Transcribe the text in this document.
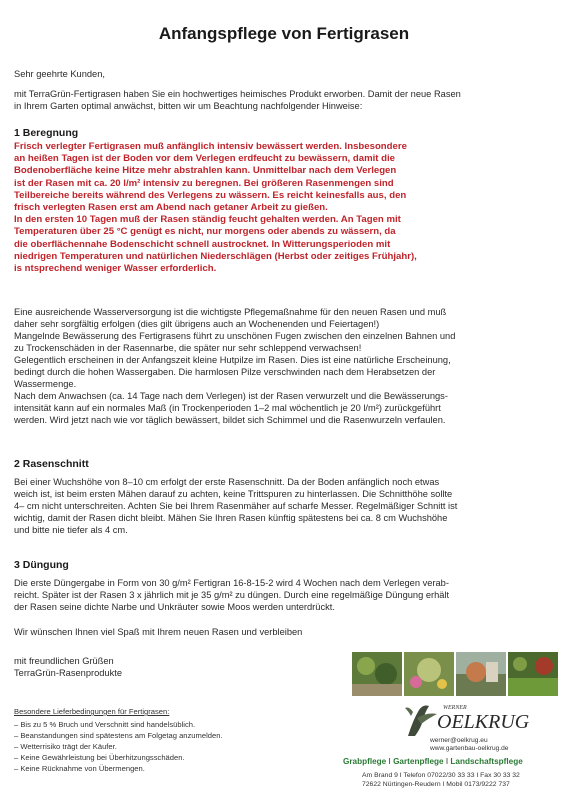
Anfangspflege von Fertigrasen

Sehr geehrte Kunden,

mit TerraGrün-Fertigrasen haben Sie ein hochwertiges heimisches Produkt erworben. Damit der neue Rasen

in Ihrem Garten optimal anwächst, bitten wir um Beachtung nachfolgender Hinweise:

1 Beregnung

Frisch verlegter Fertigrasen muß anfänglich intensiv bewässert werden. Insbesondere

an heißen Tagen ist der Boden vor dem Verlegen erdfeucht zu bewässern, damit die

Bodenoberfläche keine Hitze mehr abstrahlen kann. Unmittelbar nach dem Verlegen

ist der Rasen mit ca. 20 l/m² intensiv zu beregnen. Bei größeren Rasenmengen sind

Teilbereiche bereits während des Verlegens zu wässern. Es reicht keinesfalls aus, den

frisch verlegten Rasen erst am Abend nach getaner Arbeit zu gießen.

In den ersten 10 Tagen muß der Rasen ständig feucht gehalten werden. An Tagen mit

Temperaturen über 25 °C genügt es nicht, nur morgens oder abends zu wässern, da

die oberflächennahe Bodenschicht schnell austrocknet. In Witterungsperioden mit

niedrigen Temperaturen und natürlichen Niederschlägen (Herbst oder zeitiges Frühjahr),

is ntsprechend weniger Wasser erforderlich.

Eine ausreichende Wasserversorgung ist die wichtigste Pflegemaßnahme für den neuen Rasen und muß

daher sehr sorgfältig erfolgen (dies gilt übrigens auch an Wochenenden und Feiertagen!)

Mangelnde Bewässerung des Fertigrasens führt zu unschönen Fugen zwischen den einzelnen Bahnen und

zu Trockenschäden in der Rasennarbe, die später nur sehr schleppend verwachsen!

Gelegentlich erscheinen in der Anfangszeit kleine Hutpilze im Rasen. Dies ist eine natürliche Erscheinung,

bedingt durch die hohen Wassergaben. Die harmlosen Pilze verschwinden nach dem Herabsetzen der

Wassermenge.

Nach dem Anwachsen (ca. 14 Tage nach dem Verlegen) ist der Rasen verwurzelt und die Bewässerungs-

intensität kann auf ein normales Maß (in Trockenperioden 1–2 mal wöchentlich je 20 l/m²) zurückgeführt

werden. Wird jetzt nach wie vor täglich bewässert, bildet sich Schimmel und die Rasenwurzeln verfaulen.

2 Rasenschnitt

Bei einer Wuchshöhe von 8–10 cm erfolgt der erste Rasenschnitt. Da der Boden anfänglich noch etwas

weich ist, ist beim ersten Mähen darauf zu achten, keine Trittspuren zu hinterlassen. Die Schnitthöhe sollte

4– cm nicht unterschreiten. Achten Sie bei Ihrem Rasenmäher auf scharfe Messer. Regelmäßiger Schnitt ist

wichtig, damit der Rasen dicht bleibt. Mähen Sie Ihren Rasen künftig spätestens bei ca. 8 cm Wuchshöhe

und bitte nie tiefer als 4 cm.

3 Düngung

Die erste Düngergabe in Form von 30 g/m² Fertigran 16-8-15-2 wird 4 Wochen nach dem Verlegen verab-

reicht. Später ist der Rasen 3 x jährlich mit je 35 g/m² zu düngen. Durch eine regelmäßige Düngung erhält

der Rasen seine dichte Narbe und Unkräuter sowie Moos werden unterdrückt.

Wir wünschen Ihnen viel Spaß mit Ihrem neuen Rasen und verbleiben

mit freundlichen Grüßen

TerraGrün-Rasenprodukte

Besondere Lieferbedingungen für Fertigrasen:
– Bis zu 5 % Bruch und Verschnitt sind handelsüblich.
– Beanstandungen sind spätestens am Folgetag anzumelden.
– Wetterrisiko trägt der Käufer.
– Keine Gewährleistung bei Überhitzungsschäden.
– Keine Rücknahme von Übermengen.
WERNER
OELKRUG
werner@oelkrug.eu
www.gartenbau-oelkrug.de
Grabpflege I Gartenpflege I Landschaftspflege
Am Brand 9 I Telefon 07022/30 33 33 I Fax 30 33 32
72622 Nürtingen-Reudern I Mobil 0173/9222 737
